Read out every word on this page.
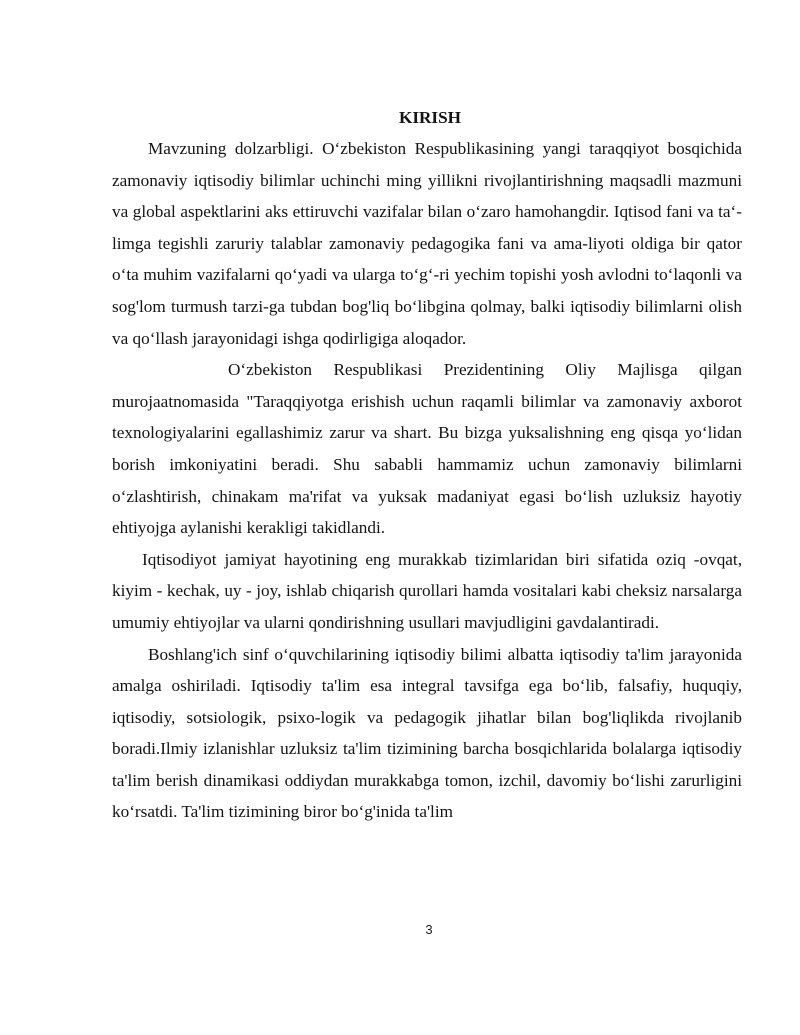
KIRISH

Mavzuning dolzarbligi. O‘zbekiston Respublikasining yangi taraqqiyot bosqichida zamonaviy iqtisodiy bilimlar uchinchi ming yillikni rivojlantirishning maqsadli mazmuni va global aspektlarini aks ettiruvchi vazifalar bilan o‘zaro hamohangdir. Iqtisod fani va ta‘-limga tegishli zaruriy talablar zamonaviy pedagogika fani va ama-liyoti oldiga bir qator o‘ta muhim vazifalarni qo‘yadi va ularga to‘g‘-ri yechim topishi yosh avlodni to‘laqonli va sog'lom turmush tarzi-ga tubdan bog'liq bo‘libgina qolmay, balki iqtisodiy bilimlarni olish va qo‘llash jarayonidagi ishga qodirligiga aloqador.

O‘zbekiston Respublikasi Prezidentining Oliy Majlisga qilgan murojaatnomasida "Taraqqiyotga erishish uchun raqamli bilimlar va zamonaviy axborot texnologiyalarini egallashimiz zarur va shart. Bu bizga yuksalishning eng qisqa yo‘lidan borish imkoniyatini beradi. Shu sababli hammamiz uchun zamonaviy bilimlarni o‘zlashtirish, chinakam ma'rifat va yuksak madaniyat egasi bo‘lish uzluksiz hayotiy ehtiyojga aylanishi kerakligi takidlandi.

Iqtisodiyot jamiyat hayotining eng murakkab tizimlaridan biri sifatida oziq -ovqat, kiyim - kechak, uy - joy, ishlab chiqarish qurollari hamda vositalari kabi cheksiz narsalarga umumiy ehtiyojlar va ularni qondirishning usullari mavjudligini gavdalantiradi.

Boshlang'ich sinf o‘quvchilarining iqtisodiy bilimi albatta iqtisodiy ta'lim jarayonida amalga oshiriladi. Iqtisodiy ta'lim esa integral tavsifga ega bo‘lib, falsafiy, huquqiy, iqtisodiy, sotsiologik, psixo-logik va pedagogik jihatlar bilan bog'liqlikda rivojlanib boradi.Ilmiy izlanishlar uzluksiz ta'lim tizimining barcha bosqichlarida bolalarga iqtisodiy ta'lim berish dinamikasi oddiydan murakkabga tomon, izchil, davomiy bo‘lishi zarurligini ko‘rsatdi. Ta'lim tizimining biror bo‘g'inida ta'lim

3
